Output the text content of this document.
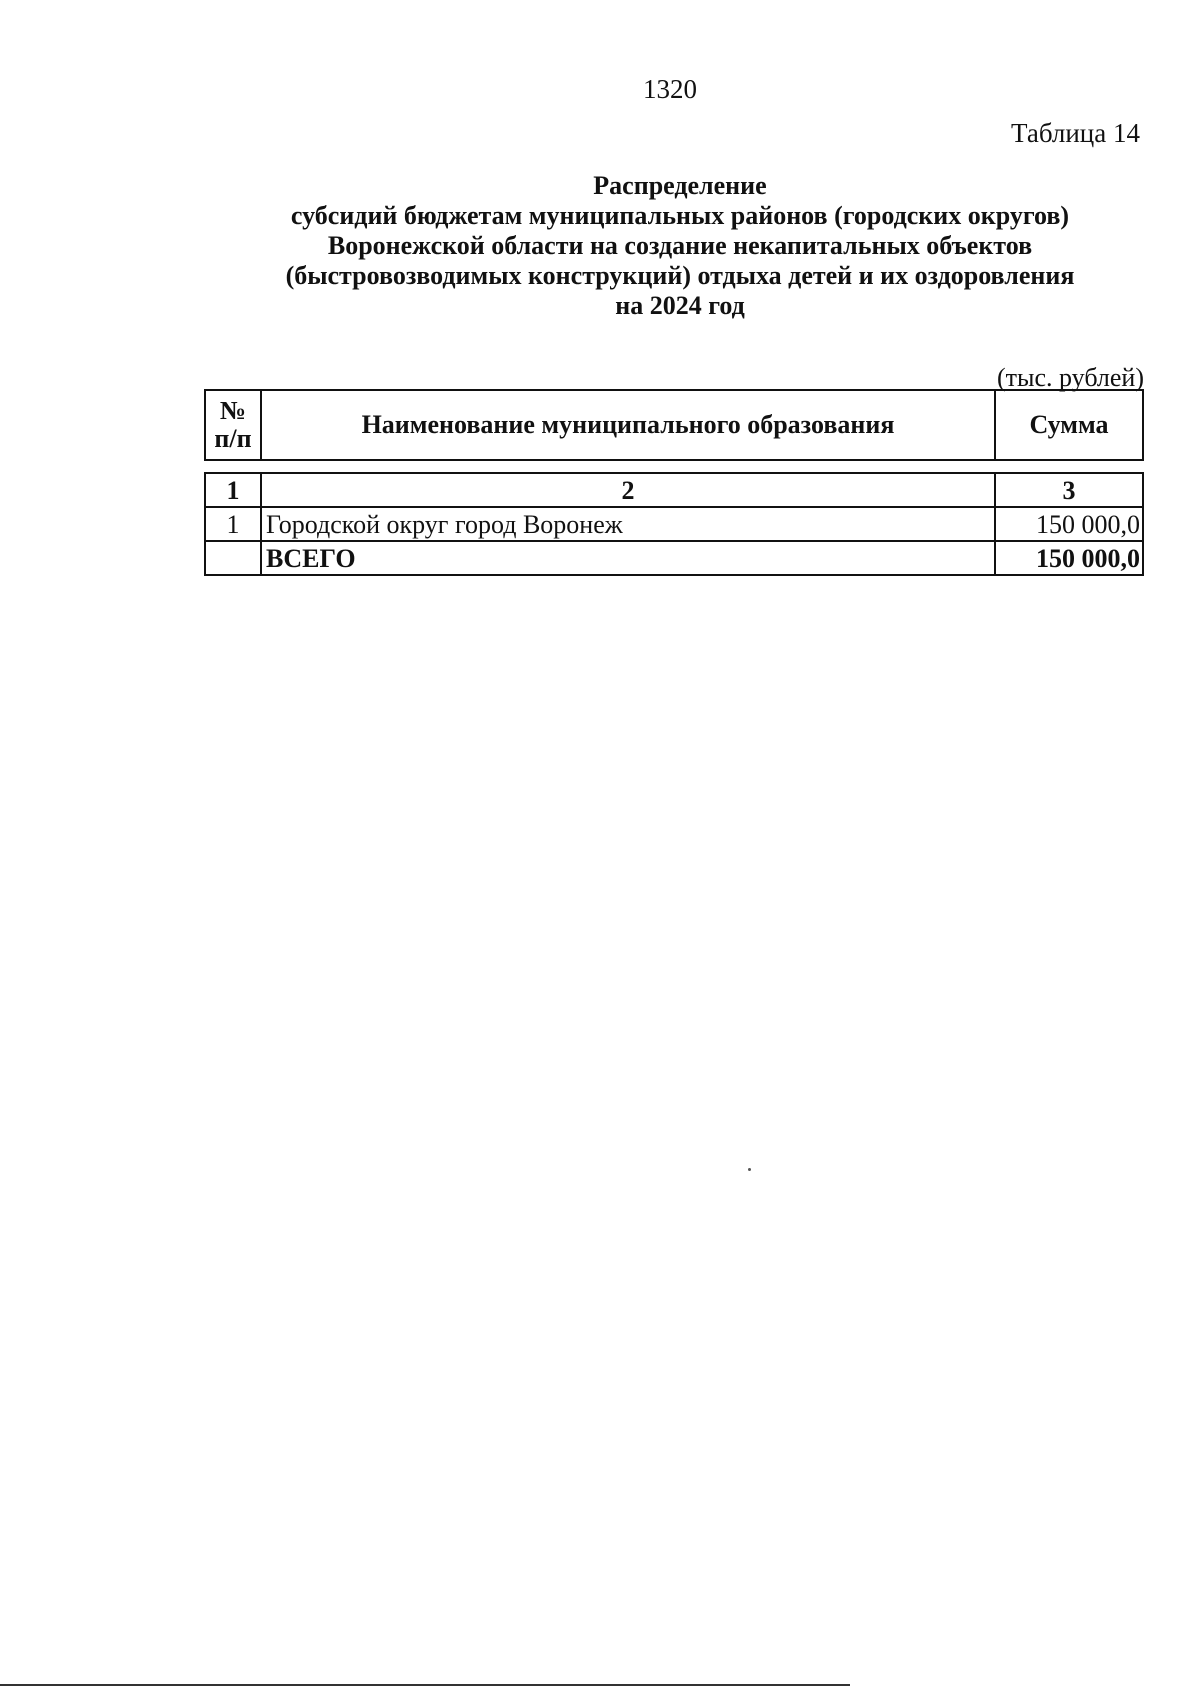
1320
Таблица 14
Распределение
субсидий бюджетам муниципальных районов (городских округов)
Воронежской области на создание некапитальных объектов
(быстровозводимых конструкций) отдыха детей и их оздоровления
на 2024 год
(тыс. рублей)
№
п/п	Наименование муниципального образования	Сумма
1	2	3
1	Городской округ город Воронеж	150 000,0
	ВСЕГО	150 000,0
